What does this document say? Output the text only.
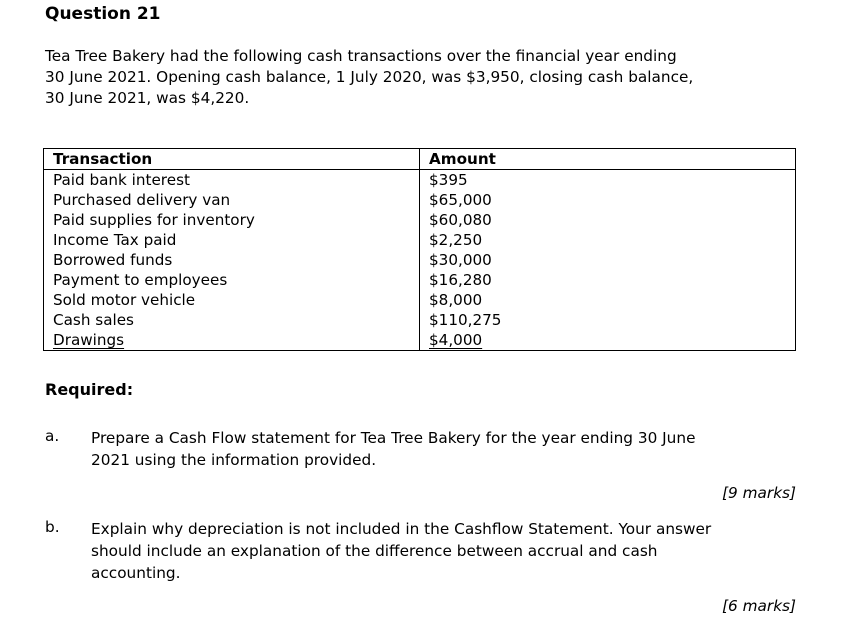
Question 21
Tea Tree Bakery had the following cash transactions over the financial year ending
30 June 2021. Opening cash balance, 1 July 2020, was $3,950, closing cash balance,
30 June 2021, was $4,220.
Transaction	Amount
Paid bank interest	$395
Purchased delivery van	$65,000
Paid supplies for inventory	$60,080
Income Tax paid	$2,250
Borrowed funds	$30,000
Payment to employees	$16,280
Sold motor vehicle	$8,000
Cash sales	$110,275
Drawings	$4,000
Required:
a. Prepare a Cash Flow statement for Tea Tree Bakery for the year ending 30 June
2021 using the information provided.
[9 marks]
b. Explain why depreciation is not included in the Cashflow Statement. Your answer
should include an explanation of the difference between accrual and cash
accounting.
[6 marks]
